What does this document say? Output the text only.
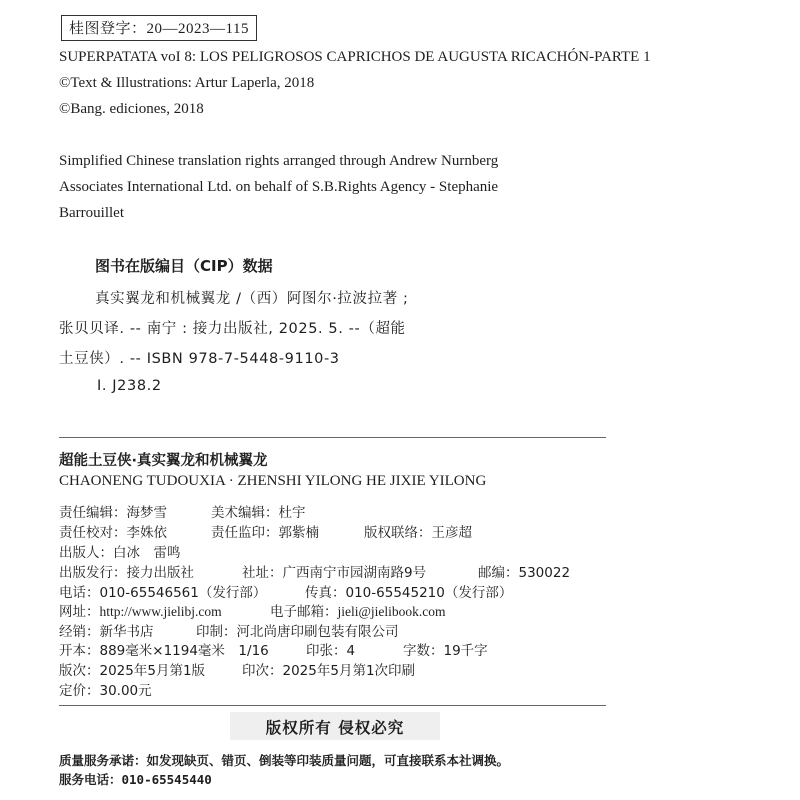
桂图登字：20—2023—115
SUPERPATATA voI 8: LOS PELIGROSOS CAPRICHOS DE AUGUSTA RICACHÓN-PARTE 1
©Text & Illustrations: Artur Laperla, 2018
©Bang. ediciones, 2018
Simplified Chinese translation rights arranged through Andrew Nurnberg
Associates International Ltd. on behalf of S.B.Rights Agency - Stephanie
Barrouillet
图书在版编目（CIP）数据
真实翼龙和机械翼龙 /（西）阿图尔·拉波拉著 ;
张贝贝译. -- 南宁 : 接力出版社, 2025. 5. --（超能
土豆侠）. -- ISBN 978-7-5448-9110-3
Ⅰ. J238.2
超能土豆侠·真实翼龙和机械翼龙
CHAONENG TUDOUXIA · ZHENSHI YILONG HE JIXIE YILONG
责任编辑：海梦雪	美术编辑：杜宇
责任校对：李姝依	责任监印：郭紫楠	版权联络：王彦超
出版人：白冰　雷鸣
出版发行：接力出版社	社址：广西南宁市园湖南路9号	邮编：530022
电话：010-65546561（发行部）	传真：010-65545210（发行部）
网址：http://www.jielibj.com	电子邮箱：jieli@jielibook.com
经销：新华书店	印制：河北尚唐印刷包装有限公司
开本：889毫米×1194毫米　1/16	印张：4	字数：19千字
版次：2025年5月第1版	印次：2025年5月第1次印刷
定价：30.00元
版权所有 侵权必究
质量服务承诺：如发现缺页、错页、倒装等印装质量问题，可直接联系本社调换。
服务电话：010-65545440
